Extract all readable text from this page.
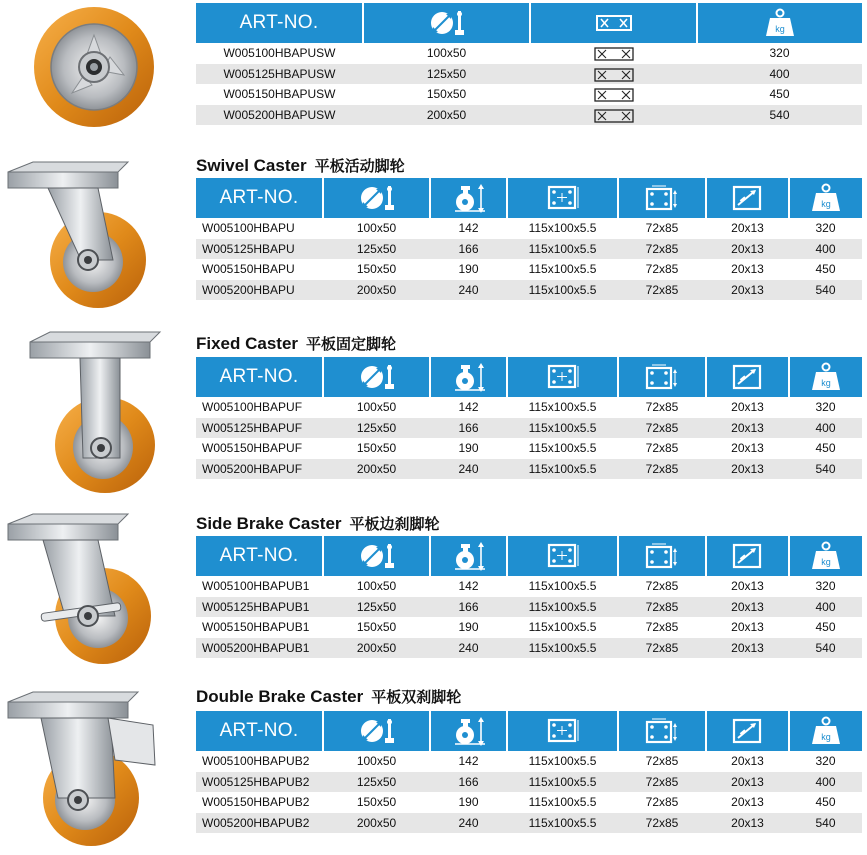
ART-NO.	

W005100HBAPUSW	100x50		320
W005125HBAPUSW	125x50		400
W005150HBAPUSW	150x50		450
W005200HBAPUSW	200x50		540
Swivel Caster 平板活动脚轮
ART-NO.	

W005100HBAPU	100x50	142	115x100x5.5	72x85	20x13	320
W005125HBAPU	125x50	166	115x100x5.5	72x85	20x13	400
W005150HBAPU	150x50	190	115x100x5.5	72x85	20x13	450
W005200HBAPU	200x50	240	115x100x5.5	72x85	20x13	540
Fixed Caster 平板固定脚轮
ART-NO.	

W005100HBAPUF	100x50	142	115x100x5.5	72x85	20x13	320
W005125HBAPUF	125x50	166	115x100x5.5	72x85	20x13	400
W005150HBAPUF	150x50	190	115x100x5.5	72x85	20x13	450
W005200HBAPUF	200x50	240	115x100x5.5	72x85	20x13	540
Side Brake Caster 平板边刹脚轮
ART-NO.	

W005100HBAPUB1	100x50	142	115x100x5.5	72x85	20x13	320
W005125HBAPUB1	125x50	166	115x100x5.5	72x85	20x13	400
W005150HBAPUB1	150x50	190	115x100x5.5	72x85	20x13	450
W005200HBAPUB1	200x50	240	115x100x5.5	72x85	20x13	540
Double Brake Caster 平板双刹脚轮
ART-NO.	

W005100HBAPUB2	100x50	142	115x100x5.5	72x85	20x13	320
W005125HBAPUB2	125x50	166	115x100x5.5	72x85	20x13	400
W005150HBAPUB2	150x50	190	115x100x5.5	72x85	20x13	450
W005200HBAPUB2	200x50	240	115x100x5.5	72x85	20x13	540
